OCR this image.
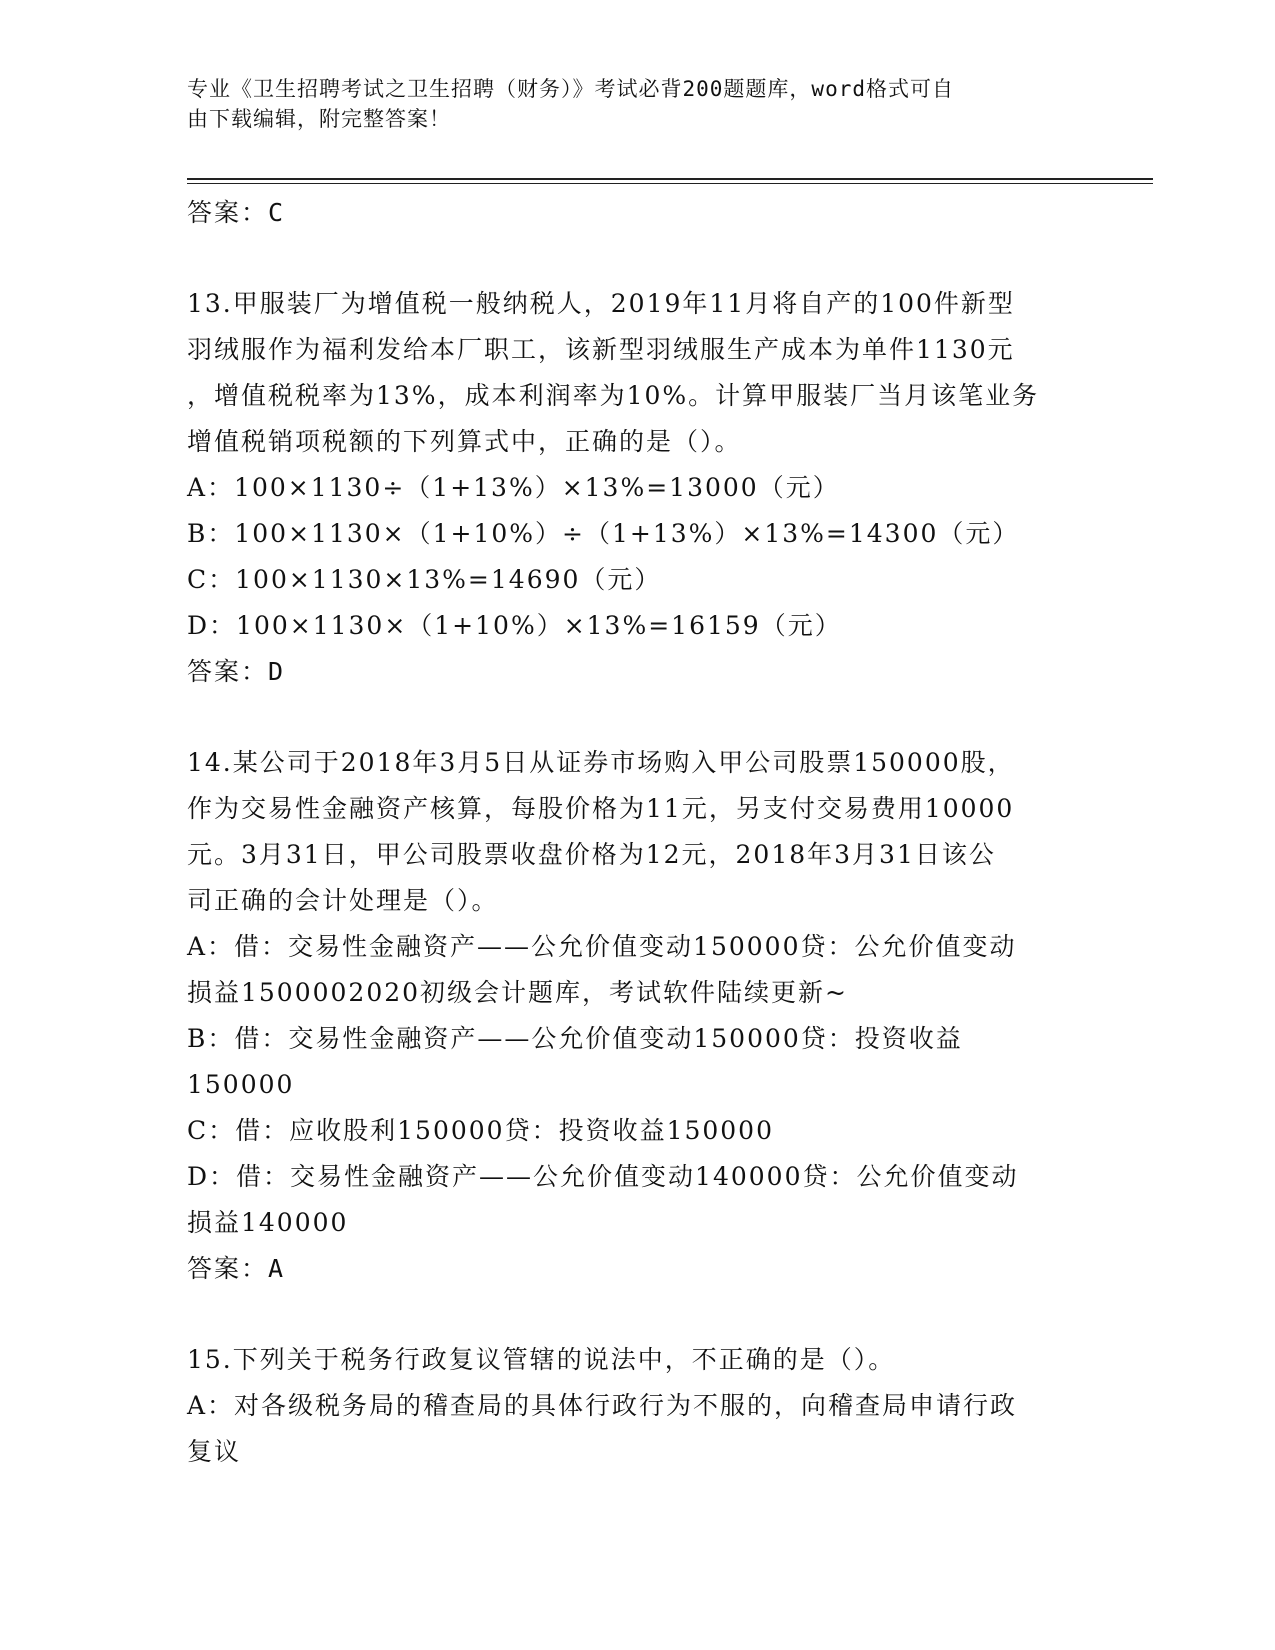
专业《卫生招聘考试之卫生招聘（财务）》考试必背200题题库，word格式可自
由下载编辑，附完整答案！
答案：C
13.甲服装厂为增值税一般纳税人，2019年11月将自产的100件新型
羽绒服作为福利发给本厂职工，该新型羽绒服生产成本为单件1130元
，增值税税率为13%，成本利润率为10%。计算甲服装厂当月该笔业务
增值税销项税额的下列算式中，正确的是（）。
A：100×1130÷（1+13%）×13%=13000（元）
B：100×1130×（1+10%）÷（1+13%）×13%=14300（元）
C：100×1130×13%=14690（元）
D：100×1130×（1+10%）×13%=16159（元）
答案：D
14.某公司于2018年3月5日从证券市场购入甲公司股票150000股，
作为交易性金融资产核算，每股价格为11元，另支付交易费用10000
元。3月31日，甲公司股票收盘价格为12元，2018年3月31日该公
司正确的会计处理是（）。
A：借：交易性金融资产——公允价值变动150000贷：公允价值变动
损益1500002020初级会计题库，考试软件陆续更新~
B：借：交易性金融资产——公允价值变动150000贷：投资收益
150000
C：借：应收股利150000贷：投资收益150000
D：借：交易性金融资产——公允价值变动140000贷：公允价值变动
损益140000
答案：A
15.下列关于税务行政复议管辖的说法中，不正确的是（）。
A：对各级税务局的稽查局的具体行政行为不服的，向稽查局申请行政
复议
